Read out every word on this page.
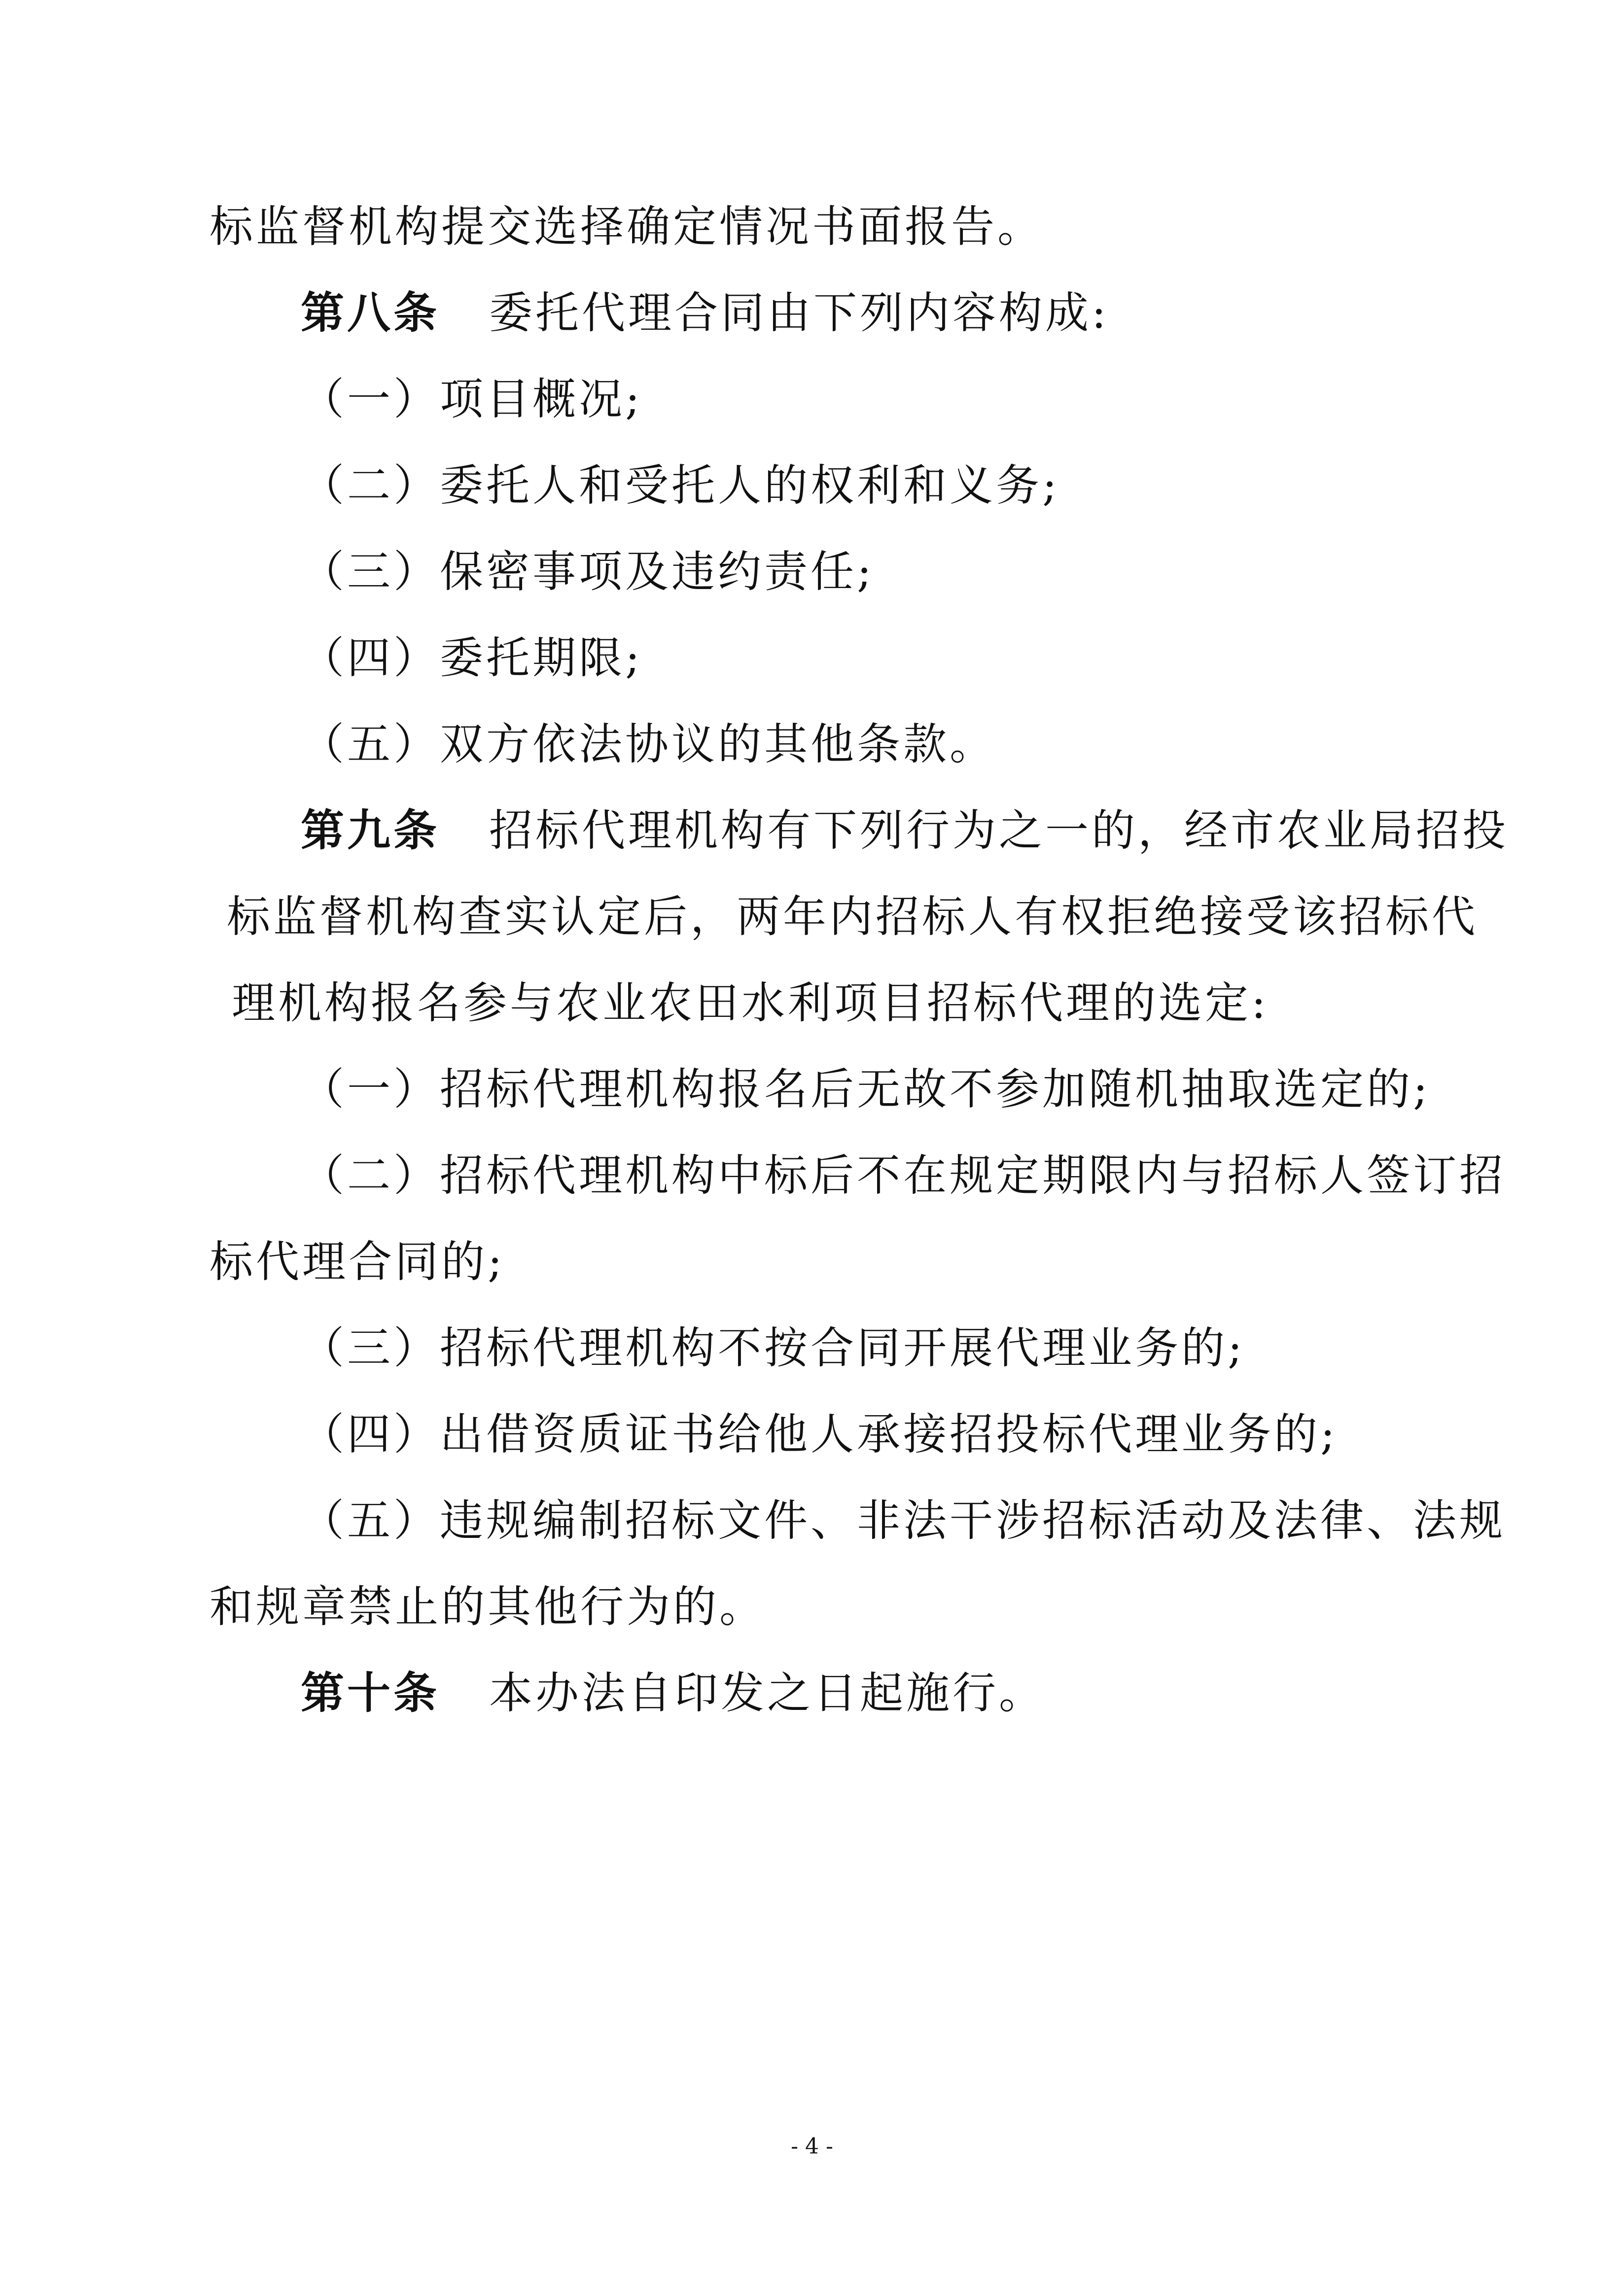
标监督机构提交选择确定情况书面报告。
第八条 委托代理合同由下列内容构成:
（一）项目概况;
（二）委托人和受托人的权利和义务;
（三）保密事项及违约责任;
（四）委托期限;
（五）双方依法协议的其他条款。
第九条 招标代理机构有下列行为之一的，经市农业局招投
标监督机构查实认定后，两年内招标人有权拒绝接受该招标代
理机构报名参与农业农田水利项目招标代理的选定:
（一）招标代理机构报名后无故不参加随机抽取选定的;
（二）招标代理机构中标后不在规定期限内与招标人签订招
标代理合同的;
（三）招标代理机构不按合同开展代理业务的;
（四）出借资质证书给他人承接招投标代理业务的;
（五）违规编制招标文件、非法干涉招标活动及法律、法规
和规章禁止的其他行为的。
第十条 本办法自印发之日起施行。
- 4 -
